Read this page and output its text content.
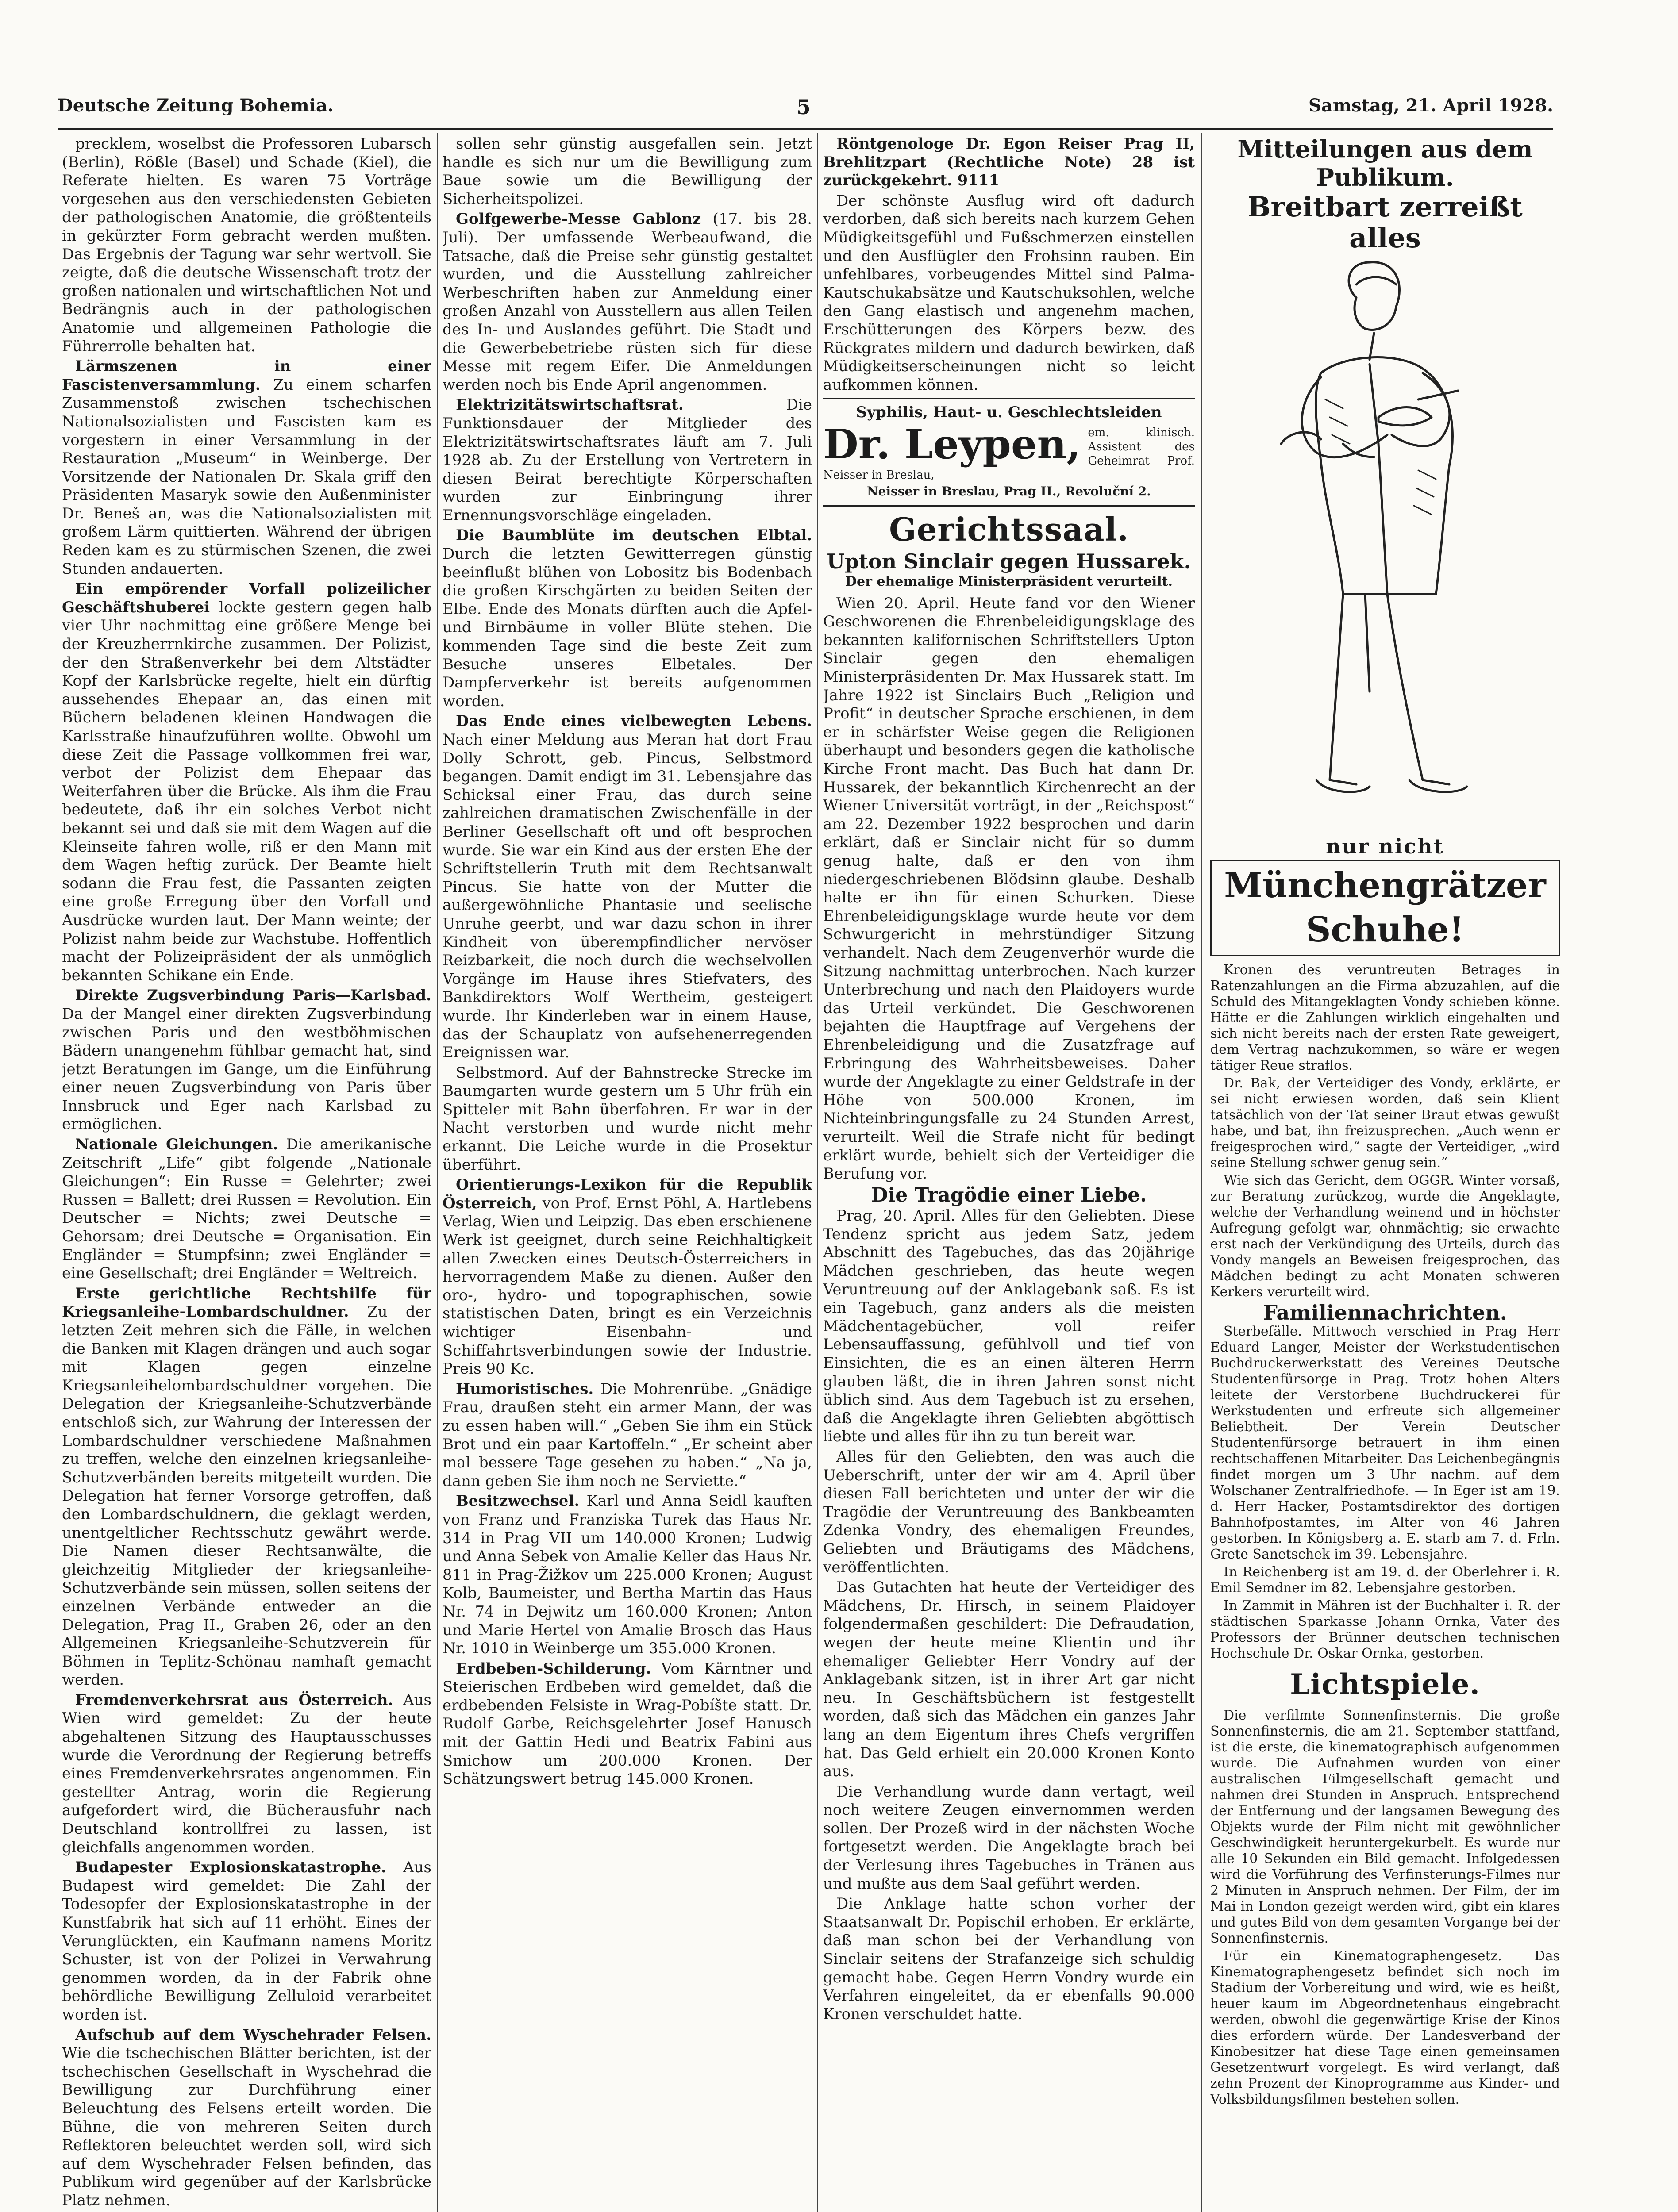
Deutsche Zeitung Bohemia.	5	Samstag, 21. April 1928.

precklem, woselbst die Professoren Lubarsch (Berlin), Rößle (Basel) und Schade (Kiel), die Referate hielten. Es waren 75 Vorträge vorgesehen aus den verschiedensten Gebieten der pathologischen Anatomie, die größtenteils in gekürzter Form gebracht werden mußten. Das Ergebnis der Tagung war sehr wertvoll. Sie zeigte, daß die deutsche Wissenschaft trotz der großen nationalen und wirtschaftlichen Not und Bedrängnis auch in der pathologischen Anatomie und allgemeinen Pathologie die Führerrolle behalten hat.

Lärmszenen in einer Fascistenversammlung. Zu einem scharfen Zusammenstoß zwischen tschechischen Nationalsozialisten und Fascisten kam es vorgestern in einer Versammlung in der Restauration „Museum“ in Weinberge. Der Vorsitzende der Nationalen Dr. Skala griff den Präsidenten Masaryk sowie den Außenminister Dr. Beneš an, was die Nationalsozialisten mit großem Lärm quittierten. Während der übrigen Reden kam es zu stürmischen Szenen, die zwei Stunden andauerten.

Ein empörender Vorfall polizeilicher Geschäftshuberei lockte gestern gegen halb vier Uhr nachmittag eine größere Menge bei der Kreuzherrnkirche zusammen. Der Polizist, der den Straßenverkehr bei dem Altstädter Kopf der Karlsbrücke regelte, hielt ein dürftig aussehendes Ehepaar an, das einen mit Büchern beladenen kleinen Handwagen die Karlsstraße hinaufzuführen wollte. Obwohl um diese Zeit die Passage vollkommen frei war, verbot der Polizist dem Ehepaar das Weiterfahren über die Brücke. Als ihm die Frau bedeutete, daß ihr ein solches Verbot nicht bekannt sei und daß sie mit dem Wagen auf die Kleinseite fahren wolle, riß er den Mann mit dem Wagen heftig zurück. Der Beamte hielt sodann die Frau fest, die Passanten zeigten eine große Erregung über den Vorfall und Ausdrücke wurden laut. Der Mann weinte; der Polizist nahm beide zur Wachstube. Hoffentlich macht der Polizeipräsident der als unmöglich bekannten Schikane ein Ende.

Direkte Zugsverbindung Paris—Karlsbad. Da der Mangel einer direkten Zugsverbindung zwischen Paris und den westböhmischen Bädern unangenehm fühlbar gemacht hat, sind jetzt Beratungen im Gange, um die Einführung einer neuen Zugsverbindung von Paris über Innsbruck und Eger nach Karlsbad zu ermöglichen.

Nationale Gleichungen. Die amerikanische Zeitschrift „Life“ gibt folgende „Nationale Gleichungen“: Ein Russe = Gelehrter; zwei Russen = Ballett; drei Russen = Revolution. Ein Deutscher = Nichts; zwei Deutsche = Gehorsam; drei Deutsche = Organisation. Ein Engländer = Stumpfsinn; zwei Engländer = eine Gesellschaft; drei Engländer = Weltreich.

Erste gerichtliche Rechtshilfe für Kriegsanleihe-Lombardschuldner. Zu der letzten Zeit mehren sich die Fälle, in welchen die Banken mit Klagen drängen und auch sogar mit Klagen gegen einzelne Kriegsanleihelombardschuldner vorgehen. Die Delegation der Kriegsanleihe-Schutzverbände entschloß sich, zur Wahrung der Interessen der Lombardschuldner verschiedene Maßnahmen zu treffen, welche den einzelnen kriegsanleihe-Schutzverbänden bereits mitgeteilt wurden. Die Delegation hat ferner Vorsorge getroffen, daß den Lombardschuldnern, die geklagt werden, unentgeltlicher Rechtsschutz gewährt werde. Die Namen dieser Rechtsanwälte, die gleichzeitig Mitglieder der kriegsanleihe-Schutzverbände sein müssen, sollen seitens der einzelnen Verbände entweder an die Delegation, Prag II., Graben 26, oder an den Allgemeinen Kriegsanleihe-Schutzverein für Böhmen in Teplitz-Schönau namhaft gemacht werden.

Fremdenverkehrsrat aus Österreich. Aus Wien wird gemeldet: Zu der heute abgehaltenen Sitzung des Hauptausschusses wurde die Verordnung der Regierung betreffs eines Fremdenverkehrsrates angenommen. Ein gestellter Antrag, worin die Regierung aufgefordert wird, die Bücherausfuhr nach Deutschland kontrollfrei zu lassen, ist gleichfalls angenommen worden.

Budapester Explosionskatastrophe. Aus Budapest wird gemeldet: Die Zahl der Todesopfer der Explosionskatastrophe in der Kunstfabrik hat sich auf 11 erhöht. Eines der Verunglückten, ein Kaufmann namens Moritz Schuster, ist von der Polizei in Verwahrung genommen worden, da in der Fabrik ohne behördliche Bewilligung Zelluloid verarbeitet worden ist.

Aufschub auf dem Wyschehrader Felsen. Wie die tschechischen Blätter berichten, ist der tschechischen Gesellschaft in Wyschehrad die Bewilligung zur Durchführung einer Beleuchtung des Felsens erteilt worden. Die Bühne, die von mehreren Seiten durch Reflektoren beleuchtet werden soll, wird sich auf dem Wyschehrader Felsen befinden, das Publikum wird gegenüber auf der Karlsbrücke Platz nehmen.

sollen sehr günstig ausgefallen sein. Jetzt handle es sich nur um die Bewilligung zum Baue sowie um die Bewilligung der Sicherheitspolizei.

Golfgewerbe-Messe Gablonz (17. bis 28. Juli). Der umfassende Werbeaufwand, die Tatsache, daß die Preise sehr günstig gestaltet wurden, und die Ausstellung zahlreicher Werbeschriften haben zur Anmeldung einer großen Anzahl von Ausstellern aus allen Teilen des In- und Auslandes geführt. Die Stadt und die Gewerbebetriebe rüsten sich für diese Messe mit regem Eifer. Die Anmeldungen werden noch bis Ende April angenommen.

Elektrizitätswirtschaftsrat.	Die Funktionsdauer der Mitglieder des Elektrizitätswirtschaftsrates läuft am 7. Juli 1928 ab. Zu der Erstellung von Vertretern in diesen Beirat berechtigte Körperschaften wurden zur Einbringung ihrer Ernennungsvorschläge eingeladen.

Die Baumblüte im deutschen Elbtal. Durch die letzten Gewitterregen günstig beeinflußt blühen von Lobositz bis Bodenbach die großen Kirschgärten zu beiden Seiten der Elbe. Ende des Monats dürften auch die Apfel- und Birnbäume in voller Blüte stehen. Die kommenden Tage sind die beste Zeit zum Besuche unseres Elbetales. Der Dampferverkehr ist bereits aufgenommen worden.

Das Ende eines vielbewegten Lebens. Nach einer Meldung aus Meran hat dort Frau Dolly Schrott, geb. Pincus, Selbstmord begangen. Damit endigt im 31. Lebensjahre das Schicksal einer Frau, das durch seine zahlreichen dramatischen Zwischenfälle in der Berliner Gesellschaft oft und oft besprochen wurde. Sie war ein Kind aus der ersten Ehe der Schriftstellerin Truth mit dem Rechtsanwalt Pincus. Sie hatte von der Mutter die außergewöhnliche Phantasie und seelische Unruhe geerbt, und war dazu schon in ihrer Kindheit von überempfindlicher nervöser Reizbarkeit, die noch durch die wechselvollen Vorgänge im Hause ihres Stiefvaters, des Bankdirektors Wolf Wertheim, gesteigert wurde. Ihr Kinderleben war in einem Hause, das der Schauplatz von aufsehenerregenden Ereignissen war.

Selbstmord. Auf der Bahnstrecke Strecke im Baumgarten wurde gestern um 5 Uhr früh ein Spitteler mit Bahn überfahren. Er war in der Nacht verstorben und wurde nicht mehr erkannt. Die Leiche wurde in die Prosektur überführt.

Orientierungs-Lexikon für die Republik Österreich, von Prof. Ernst Pöhl, A. Hartlebens Verlag, Wien und Leipzig. Das eben erschienene Werk ist geeignet, durch seine Reichhaltigkeit allen Zwecken eines Deutsch-Österreichers in hervorragendem Maße zu dienen. Außer den oro-, hydro- und topographischen, sowie statistischen Daten, bringt es ein Verzeichnis wichtiger Eisenbahn- und Schiffahrtsverbindungen sowie der Industrie. Preis 90 Kc.

Humoristisches. Die Mohrenrübe. „Gnädige Frau, draußen steht ein armer Mann, der was zu essen haben will.“ „Geben Sie ihm ein Stück Brot und ein paar Kartoffeln.“ „Er scheint aber mal bessere Tage gesehen zu haben.“ „Na ja, dann geben Sie ihm noch ne Serviette.“

Besitzwechsel. Karl und Anna Seidl kauften von Franz und Franziska Turek das Haus Nr. 314 in Prag VII um 140.000 Kronen; Ludwig und Anna Sebek von Amalie Keller das Haus Nr. 811 in Prag-Žižkov um 225.000 Kronen; August Kolb, Baumeister, und Bertha Martin das Haus Nr. 74 in Dejwitz um 160.000 Kronen; Anton und Marie Hertel von Amalie Brosch das Haus Nr. 1010 in Weinberge um 355.000 Kronen.

Erdbeben-Schilderung. Vom Kärntner und Steierischen Erdbeben wird gemeldet, daß die erdbebenden Felsiste in Wrag-Pobíšte statt. Dr. Rudolf Garbe, Reichsgelehrter Josef Hanusch mit der Gattin Hedi und Beatrix Fabini aus Smichow um 200.000 Kronen. Der Schätzungswert betrug 145.000 Kronen.

Röntgenologe Dr. Egon Reiser Prag II, Brehlitzpart (Rechtliche Note) 28 ist zurückgekehrt. 9111

Der schönste Ausflug wird oft dadurch verdorben, daß sich bereits nach kurzem Gehen Müdigkeitsgefühl und Fußschmerzen einstellen und den Ausflügler den Frohsinn rauben. Ein unfehlbares, vorbeugendes Mittel sind Palma-Kautschukabsätze und Kautschuksohlen, welche den Gang elastisch und angenehm machen, Erschütterungen des Körpers bezw. des Rückgrates mildern und dadurch bewirken, daß Müdigkeitserscheinungen nicht so leicht aufkommen können.

Syphilis, Haut- u. Geschlechtsleiden
Dr. Leypen, em. klinisch. Assistent des Geheimrat Prof. Neisser in Breslau,
Neisser in Breslau, Prag II., Revoluční 2.
Gerichtssaal.
Upton Sinclair gegen Hussarek.
Der ehemalige Ministerpräsident verurteilt.

Wien 20. April. Heute fand vor den Wiener Geschworenen die Ehrenbeleidigungsklage des bekannten kalifornischen Schriftstellers Upton Sinclair gegen den ehemaligen Ministerpräsidenten Dr. Max Hussarek statt. Im Jahre 1922 ist Sinclairs Buch „Religion und Profit“ in deutscher Sprache erschienen, in dem er in schärfster Weise gegen die Religionen überhaupt und besonders gegen die katholische Kirche Front macht. Das Buch hat dann Dr. Hussarek, der bekanntlich Kirchenrecht an der Wiener Universität vorträgt, in der „Reichspost“ am 22. Dezember 1922 besprochen und darin erklärt, daß er Sinclair nicht für so dumm genug halte, daß er den von ihm niedergeschriebenen Blödsinn glaube. Deshalb halte er ihn für einen Schurken. Diese Ehrenbeleidigungsklage wurde heute vor dem Schwurgericht in mehrstündiger Sitzung verhandelt. Nach dem Zeugenverhör wurde die Sitzung nachmittag unterbrochen. Nach kurzer Unterbrechung und nach den Plaidoyers wurde das Urteil verkündet. Die Geschworenen bejahten die Hauptfrage auf Vergehens der Ehrenbeleidigung und die Zusatzfrage auf Erbringung des Wahrheitsbeweises. Daher wurde der Angeklagte zu einer Geldstrafe in der Höhe von 500.000 Kronen, im Nichteinbringungsfalle zu 24 Stunden Arrest, verurteilt. Weil die Strafe nicht für bedingt erklärt wurde, behielt sich der Verteidiger die Berufung vor.

Die Tragödie einer Liebe.

Prag, 20. April. Alles für den Geliebten. Diese Tendenz spricht aus jedem Satz, jedem Abschnitt des Tagebuches, das das 20jährige Mädchen geschrieben, das heute wegen Veruntreuung auf der Anklagebank saß. Es ist ein Tagebuch, ganz anders als die meisten Mädchentagebücher, voll reifer Lebensauffassung, gefühlvoll und tief von Einsichten, die es an einen älteren Herrn glauben läßt, die in ihren Jahren sonst nicht üblich sind. Aus dem Tagebuch ist zu ersehen, daß die Angeklagte ihren Geliebten abgöttisch liebte und alles für ihn zu tun bereit war.

Alles für den Geliebten, den was auch die Ueberschrift, unter der wir am 4. April über diesen Fall berichteten und unter der wir die Tragödie der Veruntreuung des Bankbeamten Zdenka Vondry, des ehemaligen Freundes, Geliebten und Bräutigams des Mädchens, veröffentlichten.

Das Gutachten hat heute der Verteidiger des Mädchens, Dr. Hirsch, in seinem Plaidoyer folgendermaßen geschildert: Die Defraudation, wegen der heute meine Klientin und ihr ehemaliger Geliebter Herr Vondry auf der Anklagebank sitzen, ist in ihrer Art gar nicht neu. In Geschäftsbüchern ist festgestellt worden, daß sich das Mädchen ein ganzes Jahr lang an dem Eigentum ihres Chefs vergriffen hat. Das Geld erhielt ein 20.000 Kronen Konto aus.

Die Verhandlung wurde dann vertagt, weil noch weitere Zeugen einvernommen werden sollen. Der Prozeß wird in der nächsten Woche fortgesetzt werden. Die Angeklagte brach bei der Verlesung ihres Tagebuches in Tränen aus und mußte aus dem Saal geführt werden.

Die Anklage hatte schon vorher der Staatsanwalt Dr. Popischil erhoben. Er erklärte, daß man schon bei der Verhandlung von Sinclair seitens der Strafanzeige sich schuldig gemacht habe. Gegen Herrn Vondry wurde ein Verfahren eingeleitet, da er ebenfalls 90.000 Kronen verschuldet hatte.

Mitteilungen aus dem Publikum.
Breitbart zerreißt alles
nur nicht
Münchengrätzer Schuhe!

Kronen des veruntreuten Betrages in Ratenzahlungen an die Firma abzuzahlen, auf die Schuld des Mitangeklagten Vondy schieben könne. Hätte er die Zahlungen wirklich eingehalten und sich nicht bereits nach der ersten Rate geweigert, dem Vertrag nachzukommen, so wäre er wegen tätiger Reue straflos.

Dr. Bak, der Verteidiger des Vondy, erklärte, er sei nicht erwiesen worden, daß sein Klient tatsächlich von der Tat seiner Braut etwas gewußt habe, und bat, ihn freizusprechen. „Auch wenn er freigesprochen wird,“ sagte der Verteidiger, „wird seine Stellung schwer genug sein.“

Wie sich das Gericht, dem OGGR. Winter vorsaß, zur Beratung zurückzog, wurde die Angeklagte, welche der Verhandlung weinend und in höchster Aufregung gefolgt war, ohnmächtig; sie erwachte erst nach der Verkündigung des Urteils, durch das Vondy mangels an Beweisen freigesprochen, das Mädchen bedingt zu acht Monaten schweren Kerkers verurteilt wird.

Familiennachrichten.

Sterbefälle. Mittwoch verschied in Prag Herr Eduard Langer, Meister der Werkstudentischen Buchdruckerwerkstatt des Vereines Deutsche Studentenfürsorge in Prag. Trotz hohen Alters leitete der Verstorbene Buchdruckerei für Werkstudenten und erfreute sich allgemeiner Beliebtheit. Der Verein Deutscher Studentenfürsorge betrauert in ihm einen rechtschaffenen Mitarbeiter. Das Leichenbegängnis findet morgen um 3 Uhr nachm. auf dem Wolschaner Zentralfriedhofe. — In Eger ist am 19. d. Herr Hacker, Postamtsdirektor des dortigen Bahnhofpostamtes, im Alter von 46 Jahren gestorben. In Königsberg a. E. starb am 7. d. Frln. Grete Sanetschek im 39. Lebensjahre.

In Reichenberg ist am 19. d. der Oberlehrer i. R. Emil Semdner im 82. Lebensjahre gestorben.

In Zammit in Mähren ist der Buchhalter i. R. der städtischen Sparkasse Johann Ornka, Vater des Professors der Brünner deutschen technischen Hochschule Dr. Oskar Ornka, gestorben.

Lichtspiele.

Die verfilmte Sonnenfinsternis. Die große Sonnenfinsternis, die am 21. September stattfand, ist die erste, die kinematographisch aufgenommen wurde. Die Aufnahmen wurden von einer australischen Filmgesellschaft gemacht und nahmen drei Stunden in Anspruch. Entsprechend der Entfernung und der langsamen Bewegung des Objekts wurde der Film nicht mit gewöhnlicher Geschwindigkeit heruntergekurbelt. Es wurde nur alle 10 Sekunden ein Bild gemacht. Infolgedessen wird die Vorführung des Verfinsterungs-Filmes nur 2 Minuten in Anspruch nehmen. Der Film, der im Mai in London gezeigt werden wird, gibt ein klares und gutes Bild von dem gesamten Vorgange bei der Sonnenfinsternis.

Für ein Kinematographengesetz. Das Kinematographengesetz befindet sich noch im Stadium der Vorbereitung und wird, wie es heißt, heuer kaum im Abgeordnetenhaus eingebracht werden, obwohl die gegenwärtige Krise der Kinos dies erfordern würde. Der Landesverband der Kinobesitzer hat diese Tage einen gemeinsamen Gesetzentwurf vorgelegt. Es wird verlangt, daß zehn Prozent der Kinoprogramme aus Kinder- und Volksbildungsfilmen bestehen sollen.
